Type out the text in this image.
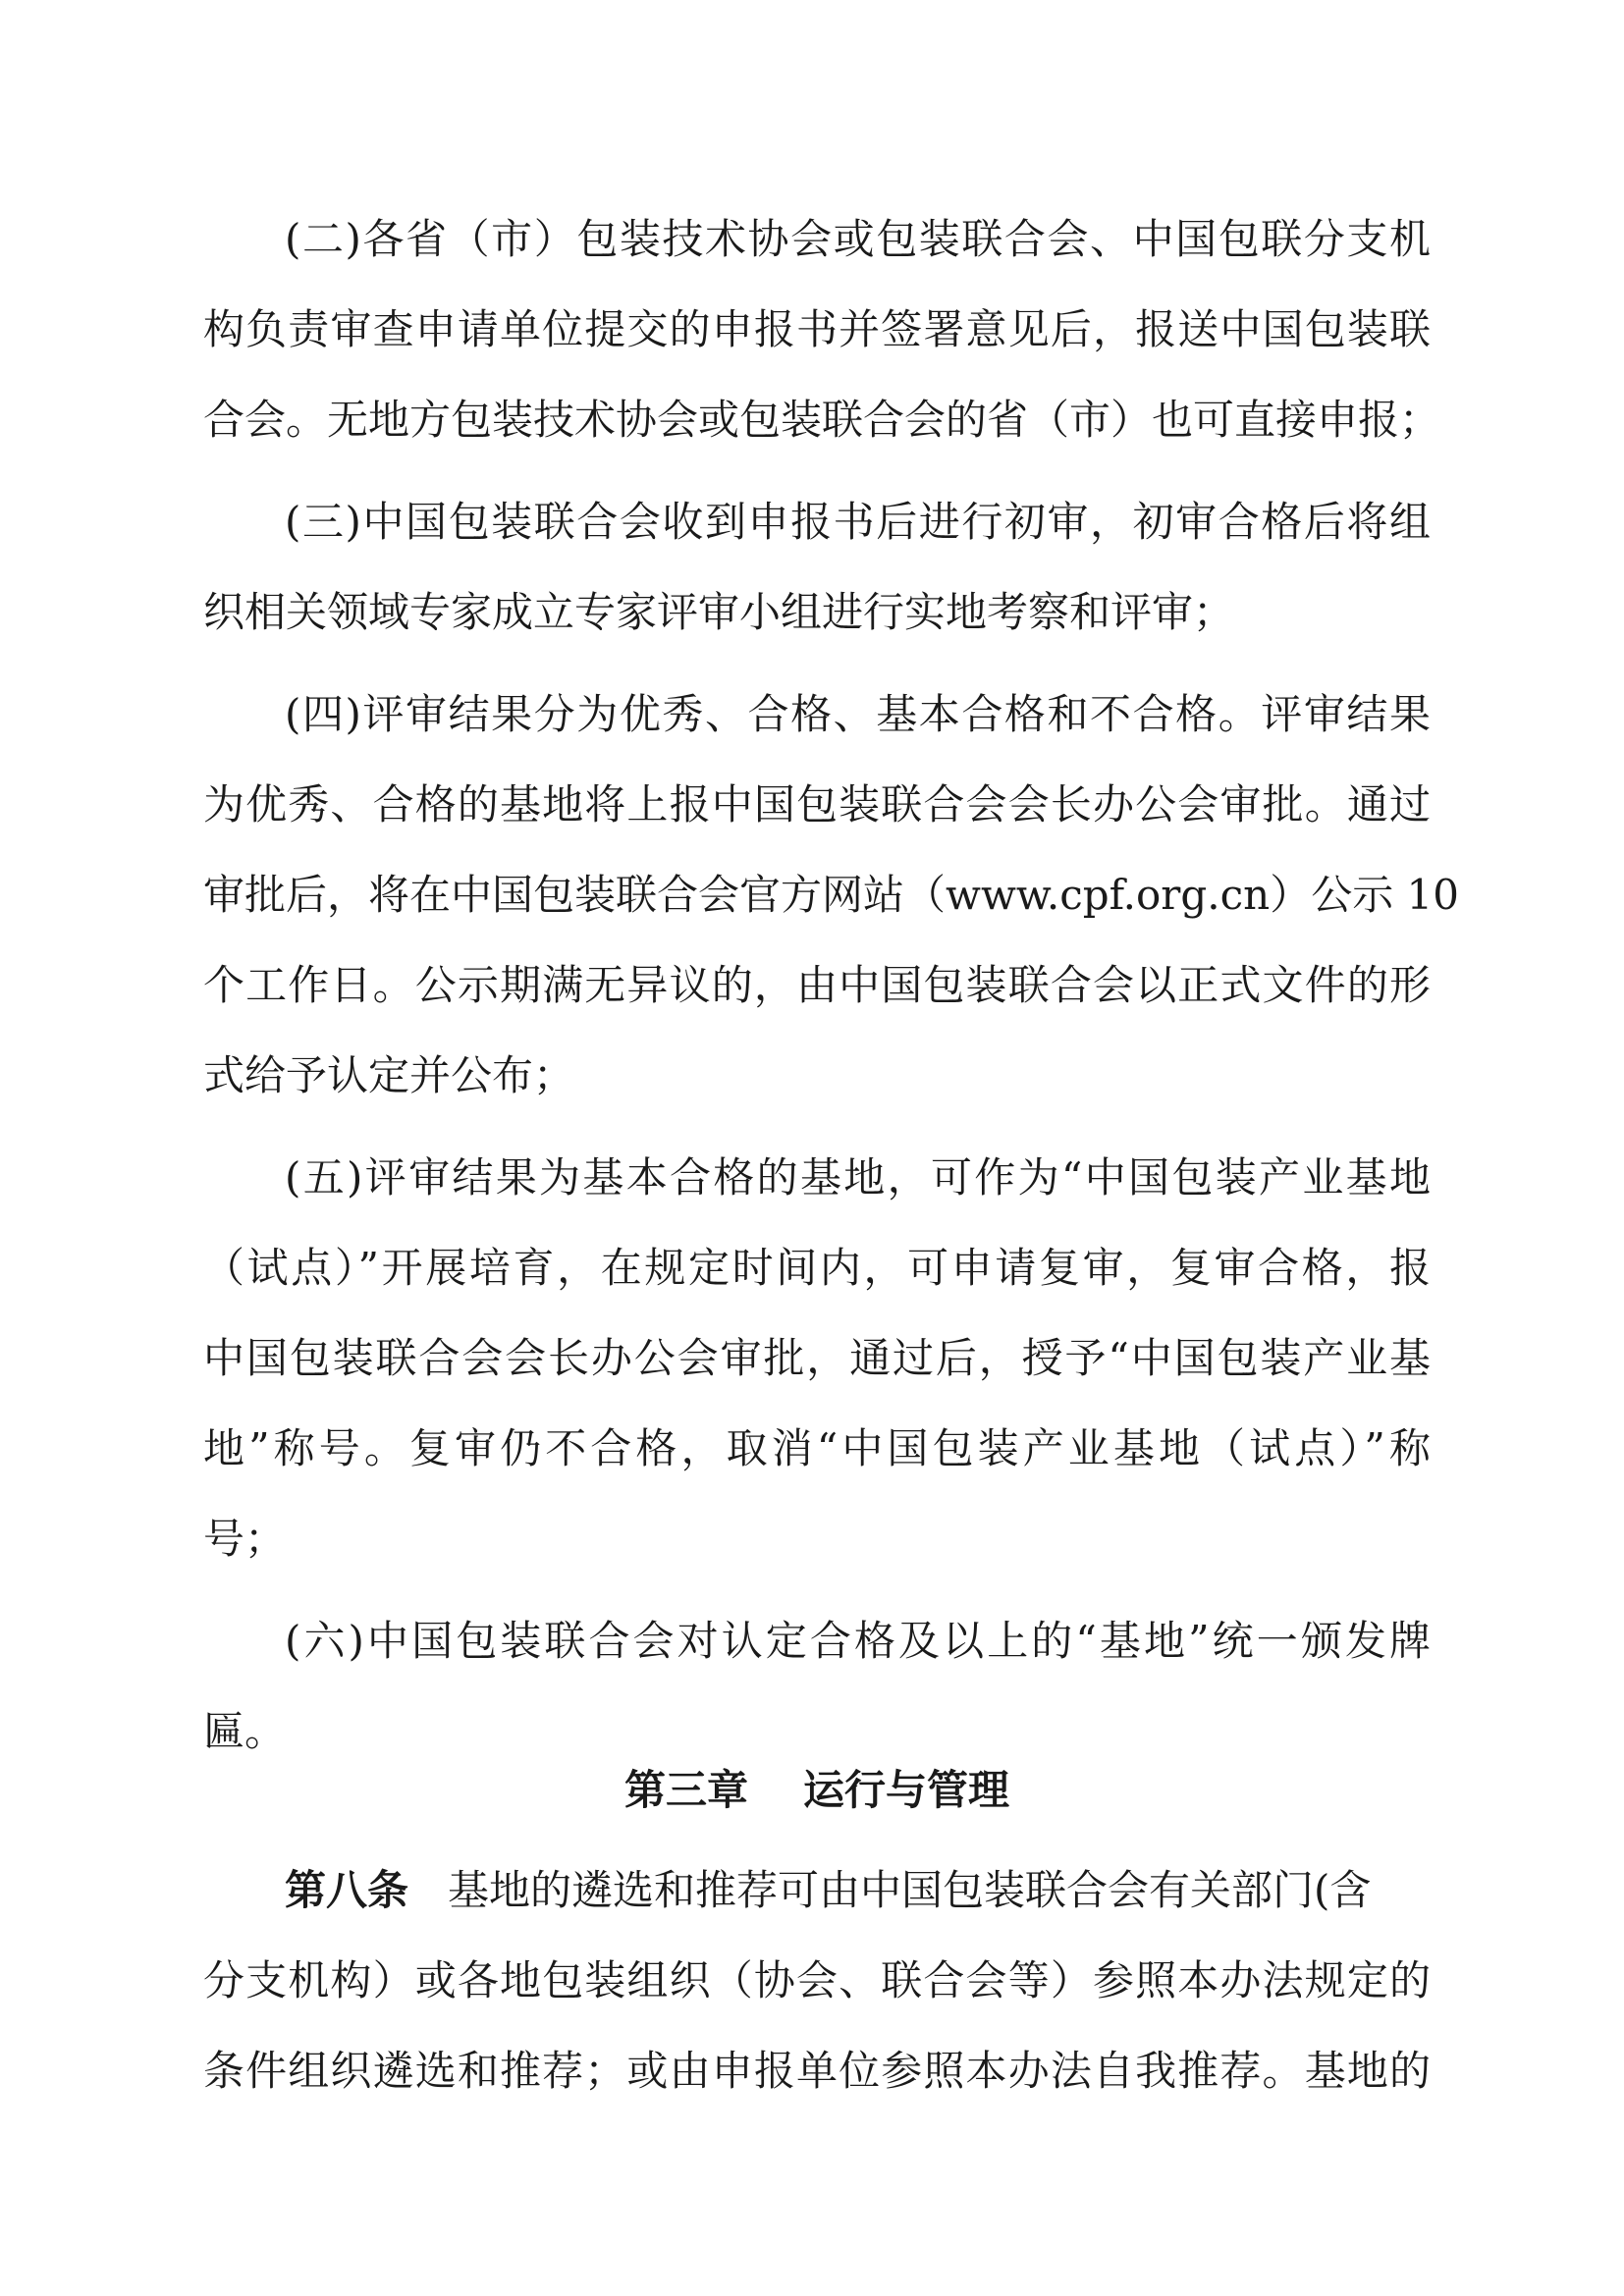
(二)各省（市）包装技术协会或包装联合会、中国包联分支机
构负责审查申请单位提交的申报书并签署意见后，报送中国包装联
合会。无地方包装技术协会或包装联合会的省（市）也可直接申报；
(三)中国包装联合会收到申报书后进行初审，初审合格后将组
织相关领域专家成立专家评审小组进行实地考察和评审；
(四)评审结果分为优秀、合格、基本合格和不合格。评审结果
为优秀、合格的基地将上报中国包装联合会会长办公会审批。通过
审批后，将在中国包装联合会官方网站（www.cpf.org.cn）公示 10
个工作日。公示期满无异议的，由中国包装联合会以正式文件的形
式给予认定并公布；
(五)评审结果为基本合格的基地，可作为“中国包装产业基地
（试点）”开展培育，在规定时间内，可申请复审，复审合格，报
中国包装联合会会长办公会审批，通过后，授予“中国包装产业基
地”称号。复审仍不合格，取消“中国包装产业基地（试点）”称
号；
(六)中国包装联合会对认定合格及以上的“基地”统一颁发牌
匾。
第三章 运行与管理
第八条 基地的遴选和推荐可由中国包装联合会有关部门(含
分支机构）或各地包装组织（协会、联合会等）参照本办法规定的
条件组织遴选和推荐；或由申报单位参照本办法自我推荐。基地的
